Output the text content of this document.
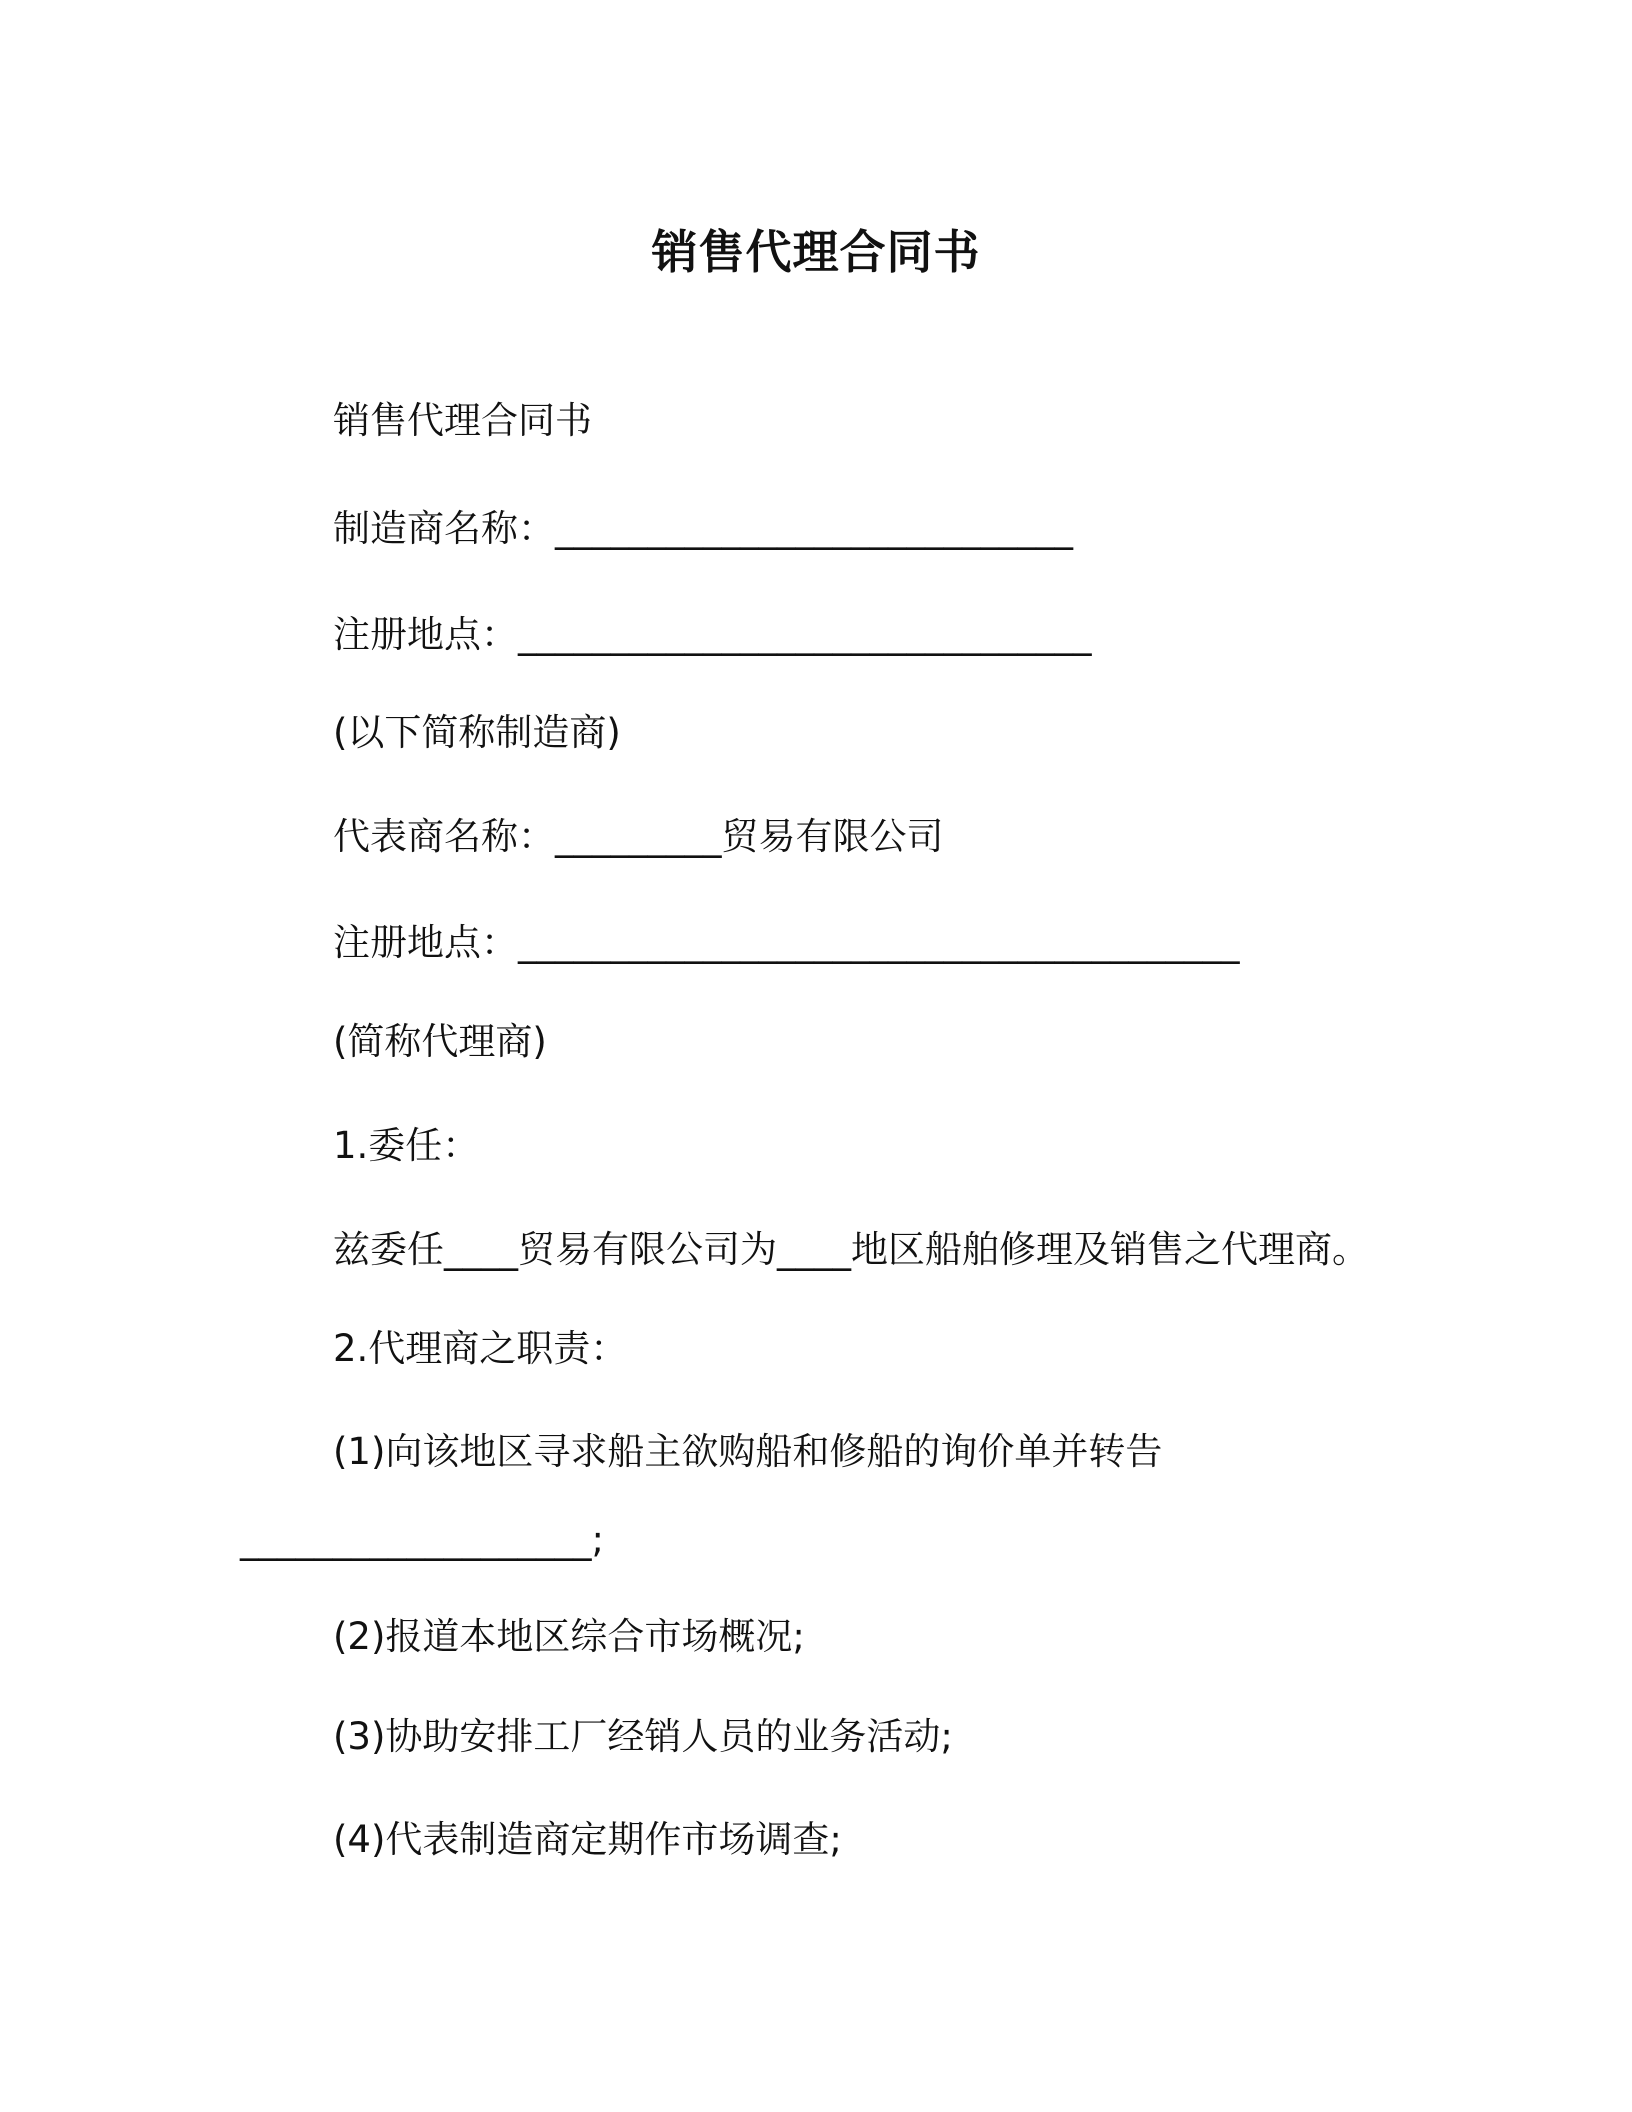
销售代理合同书
销售代理合同书
制造商名称：____________________________
注册地点：_______________________________
(以下简称制造商)
代表商名称：_________贸易有限公司
注册地点：_______________________________________
(简称代理商)
1.委任：
兹委任____贸易有限公司为____地区船舶修理及销售之代理商。
2.代理商之职责：
(1)向该地区寻求船主欲购船和修船的询价单并转告
___________________;
(2)报道本地区综合市场概况;
(3)协助安排工厂经销人员的业务活动;
(4)代表制造商定期作市场调查;
